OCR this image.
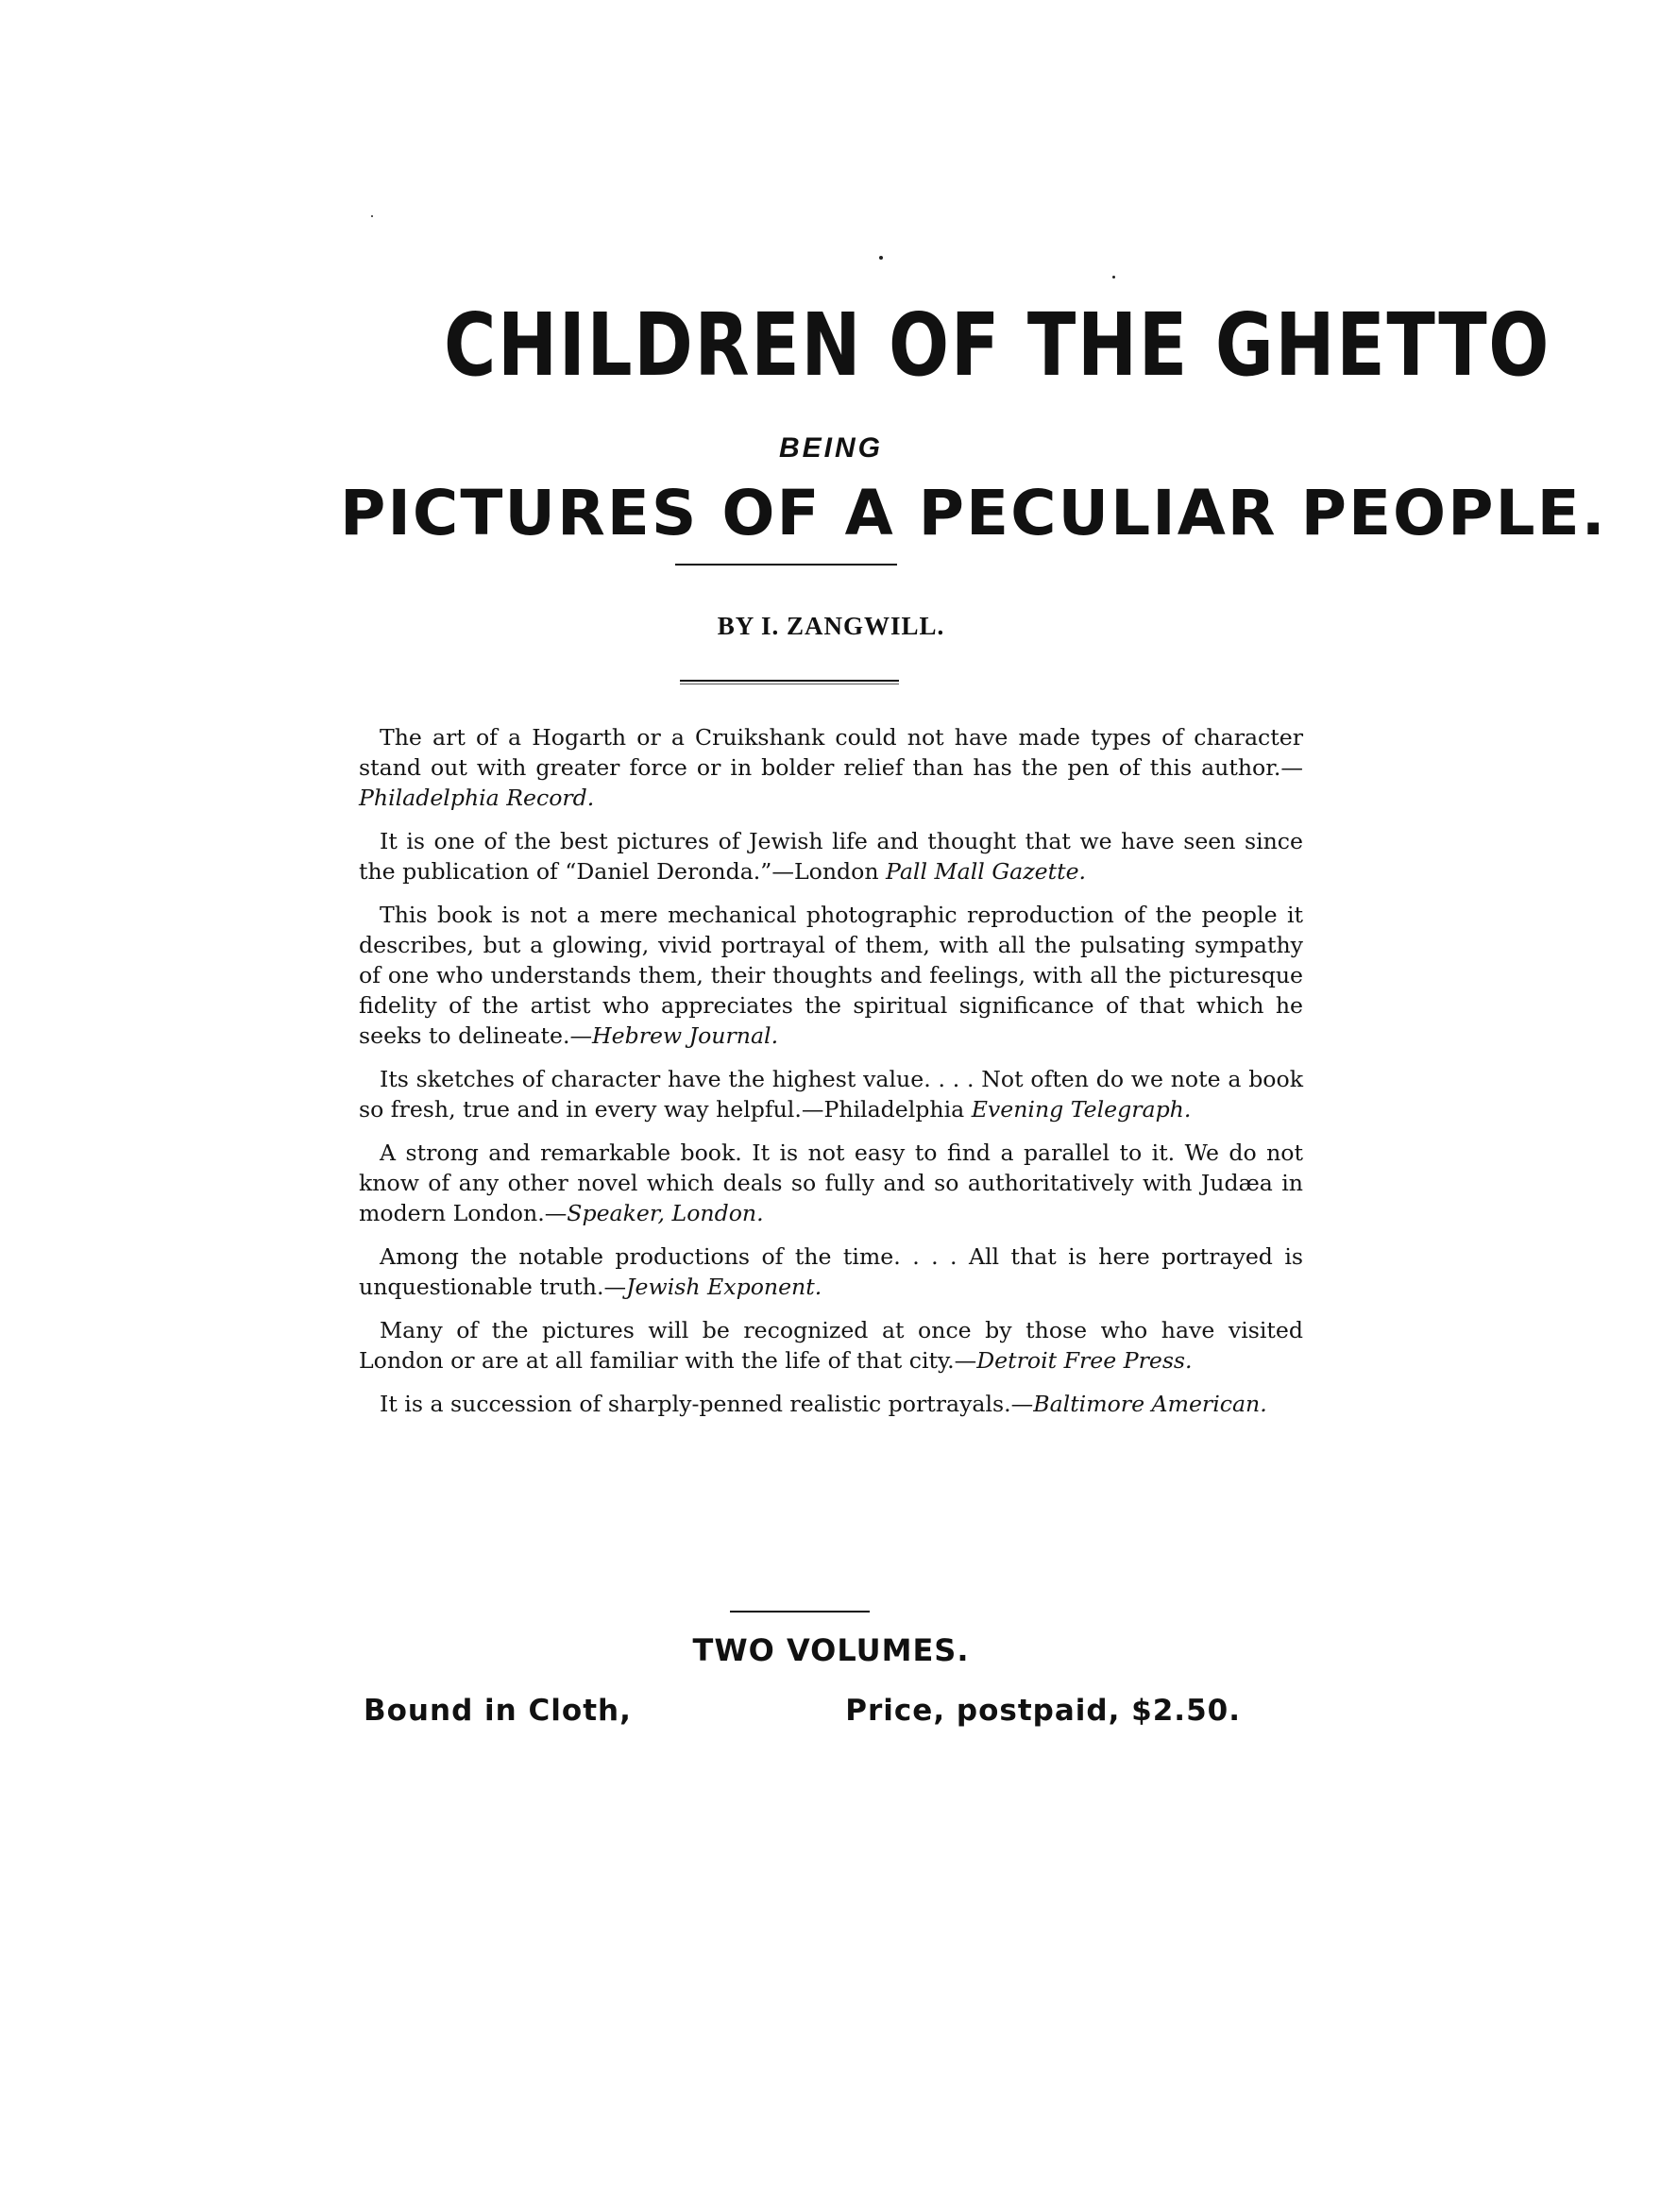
CHILDREN OF THE GHETTO
BEING
PICTURES OF A PECULIAR PEOPLE.
BY I. ZANGWILL.

The art of a Hogarth or a Cruikshank could not have made types of character stand out with greater force or in bolder relief than has the pen of this author.—Philadelphia Record.

It is one of the best pictures of Jewish life and thought that we have seen since the publication of “Daniel Deronda.”—London Pall Mall Gazette.

This book is not a mere mechanical photographic reproduction of the people it describes, but a glowing, vivid portrayal of them, with all the pulsating sympathy of one who understands them, their thoughts and feelings, with all the picturesque fidelity of the artist who appreciates the spiritual significance of that which he seeks to delineate.—Hebrew Journal.

Its sketches of character have the highest value. . . . Not often do we note a book so fresh, true and in every way helpful.—Philadelphia Evening Telegraph.

A strong and remarkable book. It is not easy to find a parallel to it. We do not know of any other novel which deals so fully and so authoritatively with Judæa in modern London.—Speaker, London.

Among the notable productions of the time. . . . All that is here portrayed is unquestionable truth.—Jewish Exponent.

Many of the pictures will be recognized at once by those who have visited London or are at all familiar with the life of that city.—Detroit Free Press.

It is a succession of sharply-penned realistic portrayals.—Baltimore American.

TWO VOLUMES.
Bound in Cloth,	Price, postpaid, $2.50.
